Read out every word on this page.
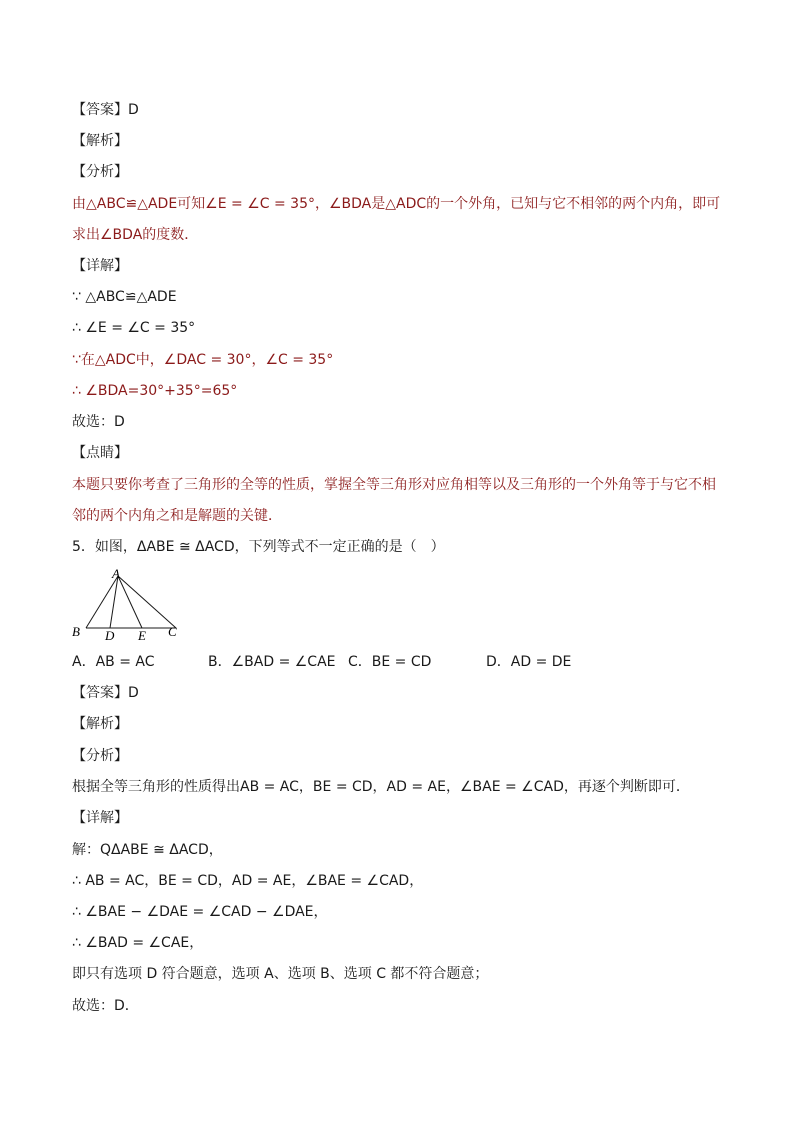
【答案】D
【解析】
【分析】
由△ABC≌△ADE可知∠E = ∠C = 35°，∠BDA是△ADC的一个外角，已知与它不相邻的两个内角，即可
求出∠BDA的度数．
【详解】
∵ △ABC≌△ADE
∴ ∠E = ∠C = 35°
∵在△ADC中，∠DAC = 30°，∠C = 35°
∴ ∠BDA=30°+35°=65°
故选：D
【点睛】
本题只要你考查了三角形的全等的性质，掌握全等三角形对应角相等以及三角形的一个外角等于与它不相
邻的两个内角之和是解题的关键．
5．如图，ΔABE ≅ ΔACD，下列等式不一定正确的是（　）
A
B D E C
A．AB = AC	B．∠BAD = ∠CAE C．BE = CD	D．AD = DE
【答案】D
【解析】
【分析】
根据全等三角形的性质得出AB = AC，BE = CD，AD = AE，∠BAE = ∠CAD，再逐个判断即可．
【详解】
解：QΔABE ≅ ΔACD，
∴ AB = AC，BE = CD，AD = AE，∠BAE = ∠CAD，
∴ ∠BAE − ∠DAE = ∠CAD − ∠DAE，
∴ ∠BAD = ∠CAE，
即只有选项 D 符合题意，选项 A、选项 B、选项 C 都不符合题意；
故选：D．
